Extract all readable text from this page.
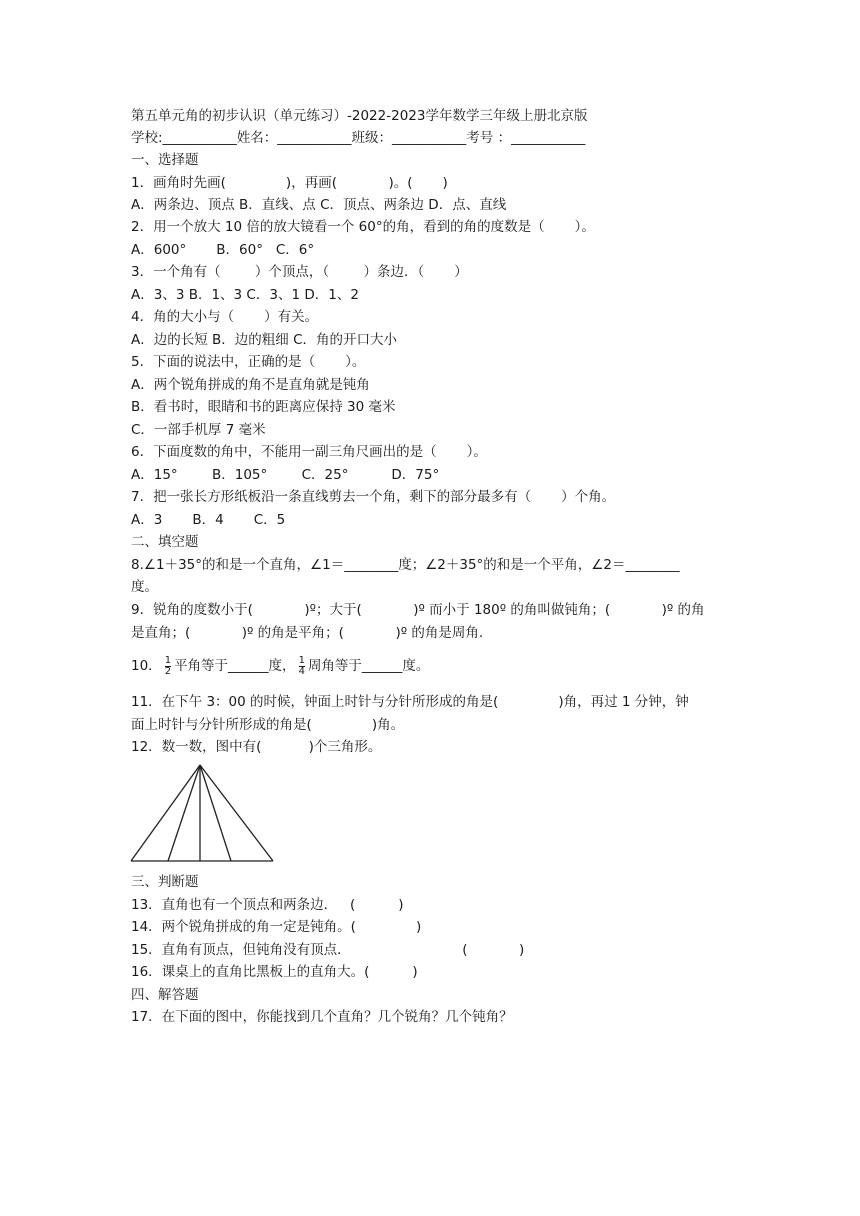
第五单元角的初步认识（单元练习）-2022-2023学年数学三年级上册北京版
学校:___________姓名：___________班级：___________考号 ：___________
一、选择题
1．画角时先画(              )，再画(            )。(       )
A．两条边、顶点 B．直线、点 C．顶点、两条边 D．点、直线
2．用一个放大 10 倍的放大镜看一个 60°的角，看到的角的度数是（       ）。
A．600°       B．60°   C．6°
3．一个角有（        ）个顶点，（        ）条边．（       ）
A．3、3 B．1、3 C．3、1 D．1、2
4．角的大小与（       ）有关。
A．边的长短 B．边的粗细 C．角的开口大小
5．下面的说法中，正确的是（       ）。
A．两个锐角拼成的角不是直角就是钝角
B．看书时，眼睛和书的距离应保持 30 毫米
C．一部手机厚 7 毫米
6．下面度数的角中，不能用一副三角尺画出的是（       ）。
A．15°        B．105°        C．25°          D．75°
7．把一张长方形纸板沿一条直线剪去一个角，剩下的部分最多有（       ）个角。
A．3       B．4       C．5
二、填空题
8.∠1＋35°的和是一个直角，∠1＝________度；∠2＋35°的和是一个平角，∠2＝________
度。
9．锐角的度数小于(            )º；大于(            )º 而小于 180º 的角叫做钝角；(            )º 的角
是直角；(            )º 的角是平角；(            )º 的角是周角.
10． $\frac{1}{2}$ 平角等于______度， $\frac{1}{4}$ 周角等于______度。
11．在下午 3：00 的时候，钟面上时针与分针所形成的角是(              )角，再过 1 分钟，钟
面上时针与分针所形成的角是(              )角。
12．数一数，图中有(           )个三角形。
三、判断题
13．直角也有一个顶点和两条边．   (          )
14．两个锐角拼成的角一定是钝角。(              )
15．直角有顶点，但钝角没有顶点．                          (            )
16．课桌上的直角比黑板上的直角大。(          )
四、解答题
17．在下面的图中，你能找到几个直角？几个锐角？几个钝角？
